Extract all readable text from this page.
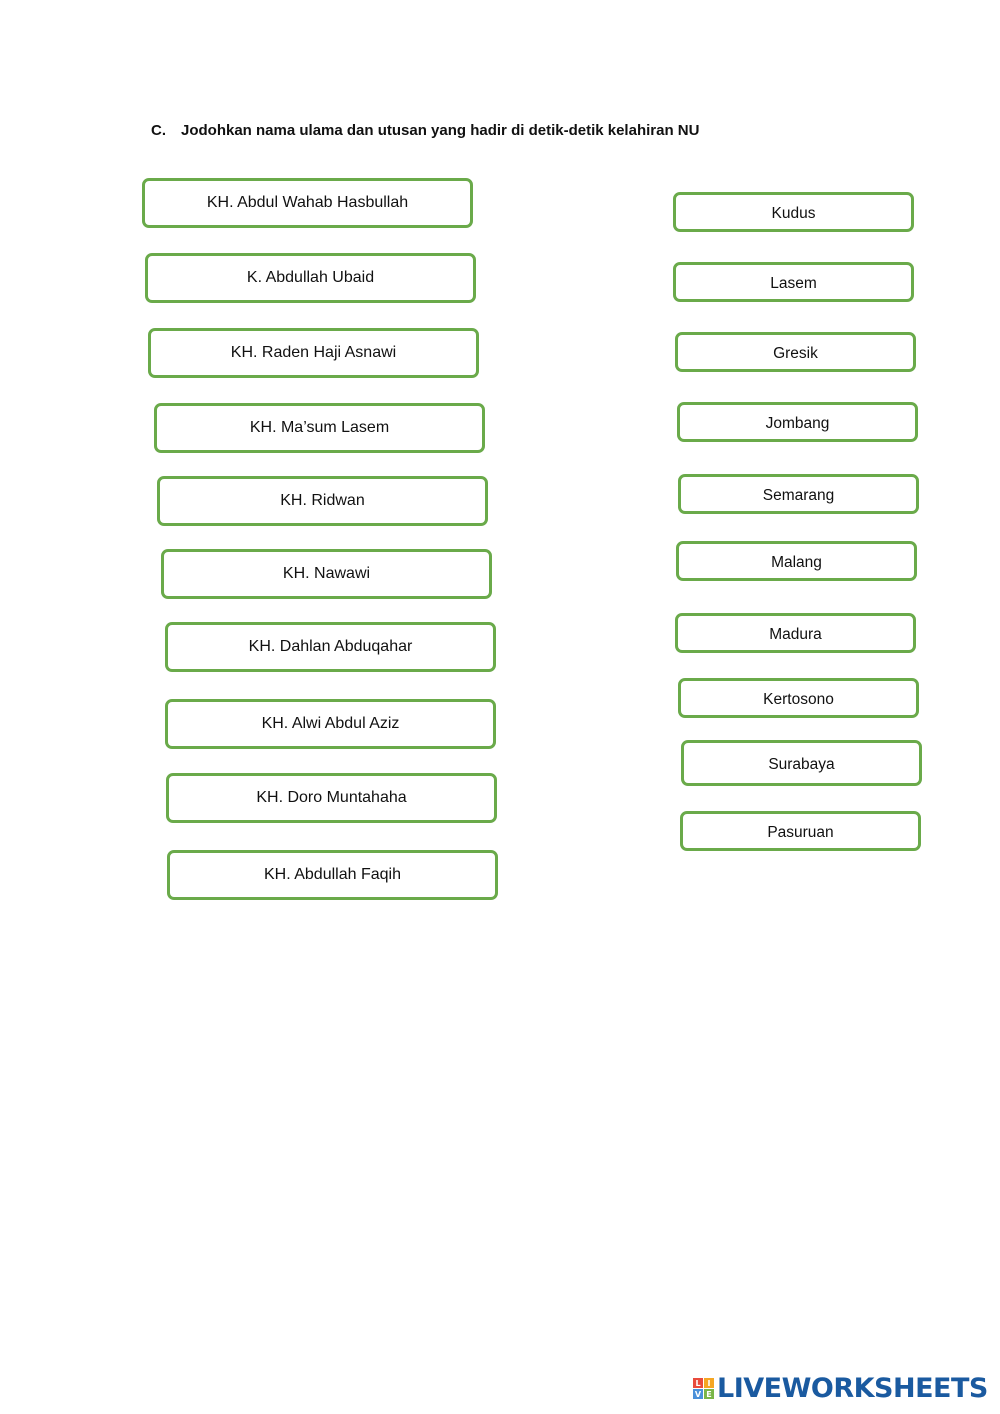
C. Jodohkan nama ulama dan utusan yang hadir di detik-detik kelahiran NU
KH. Abdul Wahab Hasbullah
K. Abdullah Ubaid
KH. Raden Haji Asnawi
KH. Ma’sum Lasem
KH. Ridwan
KH. Nawawi
KH. Dahlan Abduqahar
KH. Alwi Abdul Aziz
KH. Doro Muntahaha
KH. Abdullah Faqih
Kudus
Lasem
Gresik
Jombang
Semarang
Malang
Madura
Kertosono
Surabaya
Pasuruan
L I
V E LIVEWORKSHEETS
